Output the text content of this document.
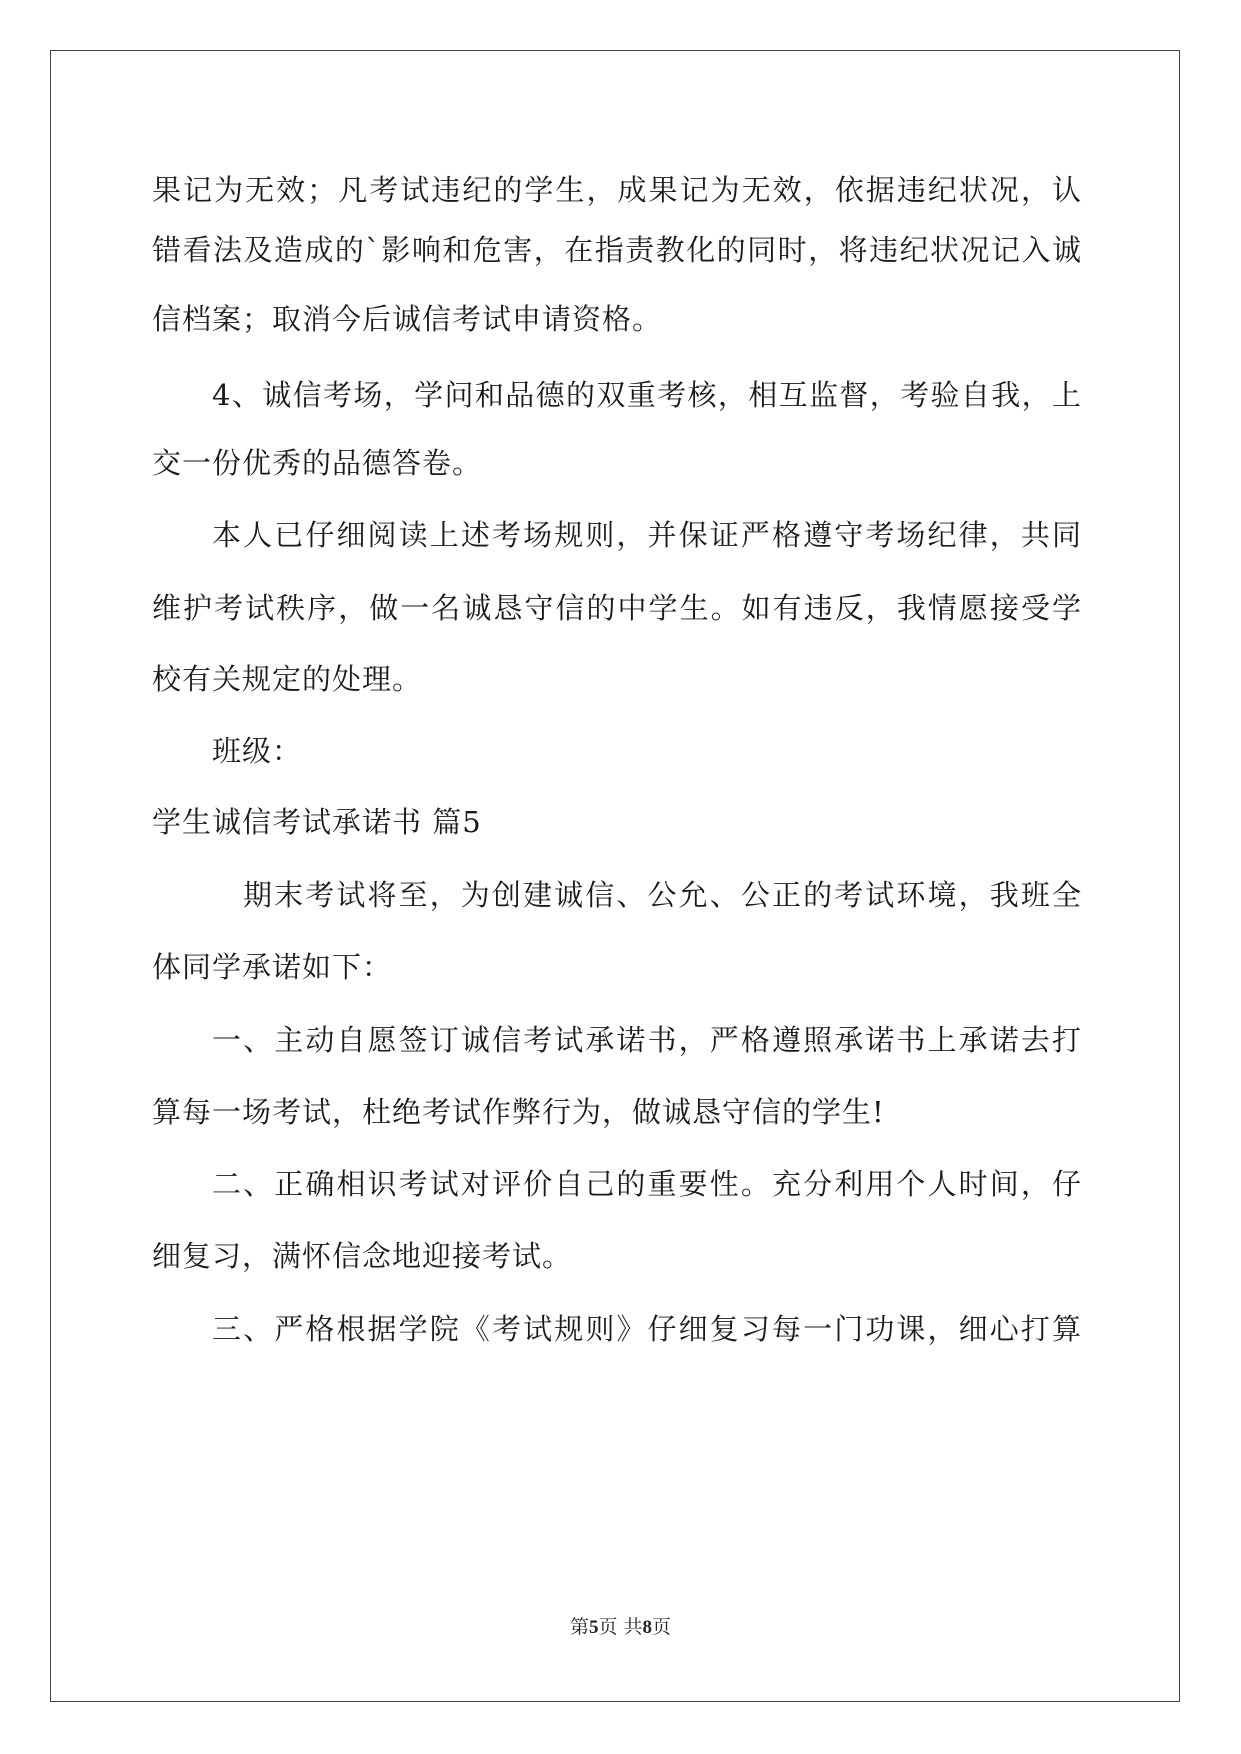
果记为无效；凡考试违纪的学生，成果记为无效，依据违纪状况，认
错看法及造成的`影响和危害，在指责教化的同时，将违纪状况记入诚
信档案；取消今后诚信考试申请资格。
4、诚信考场，学问和品德的双重考核，相互监督，考验自我，上
交一份优秀的品德答卷。
本人已仔细阅读上述考场规则，并保证严格遵守考场纪律，共同
维护考试秩序，做一名诚恳守信的中学生。如有违反，我情愿接受学
校有关规定的处理。
班级：
学生诚信考试承诺书 篇5
期末考试将至，为创建诚信、公允、公正的考试环境，我班全
体同学承诺如下：
一、主动自愿签订诚信考试承诺书，严格遵照承诺书上承诺去打
算每一场考试，杜绝考试作弊行为，做诚恳守信的学生!
二、正确相识考试对评价自己的重要性。充分利用个人时间，仔
细复习，满怀信念地迎接考试。
三、严格根据学院《考试规则》仔细复习每一门功课，细心打算
第5页 共8页
